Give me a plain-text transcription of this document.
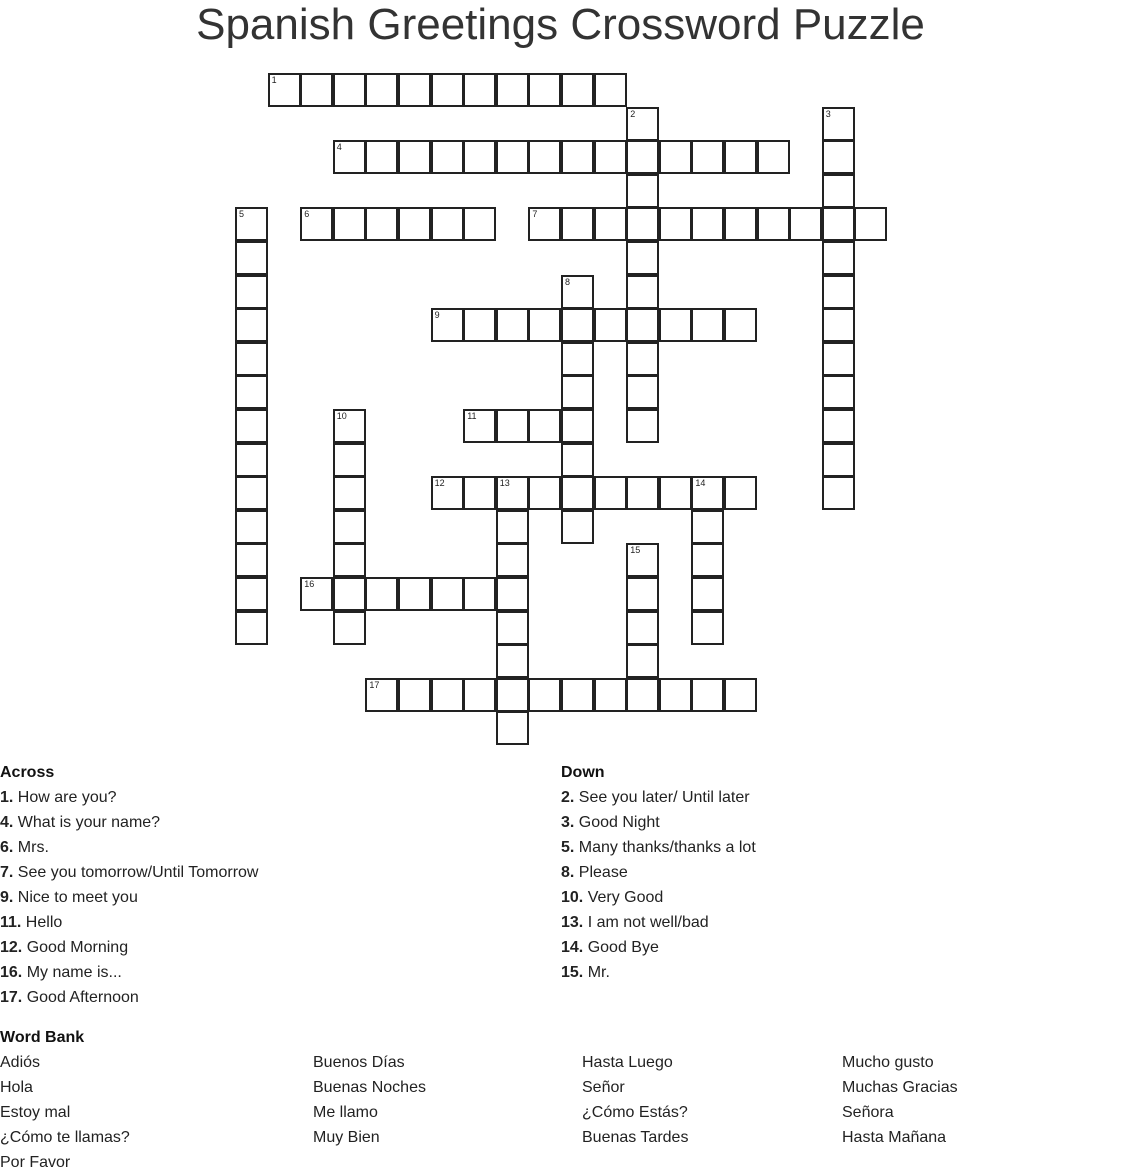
Spanish Greetings Crossword Puzzle
1
2	3
4
5	6	7
8
9
10	11
12	13	14
15
16
17
Across
1. How are you?
4. What is your name?
6. Mrs.
7. See you tomorrow/Until Tomorrow
9. Nice to meet you
11. Hello
12. Good Morning
16. My name is...
17. Good Afternoon
Down
2. See you later/ Until later
3. Good Night
5. Many thanks/thanks a lot
8. Please
10. Very Good
13. I am not well/bad
14. Good Bye
15. Mr.
Word Bank
Adiós
Hola
Estoy mal
¿Cómo te llamas?
Por Favor
Buenos Días
Buenas Noches
Me llamo
Muy Bien
Hasta Luego
Señor
¿Cómo Estás?
Buenas Tardes
Mucho gusto
Muchas Gracias
Señora
Hasta Mañana
